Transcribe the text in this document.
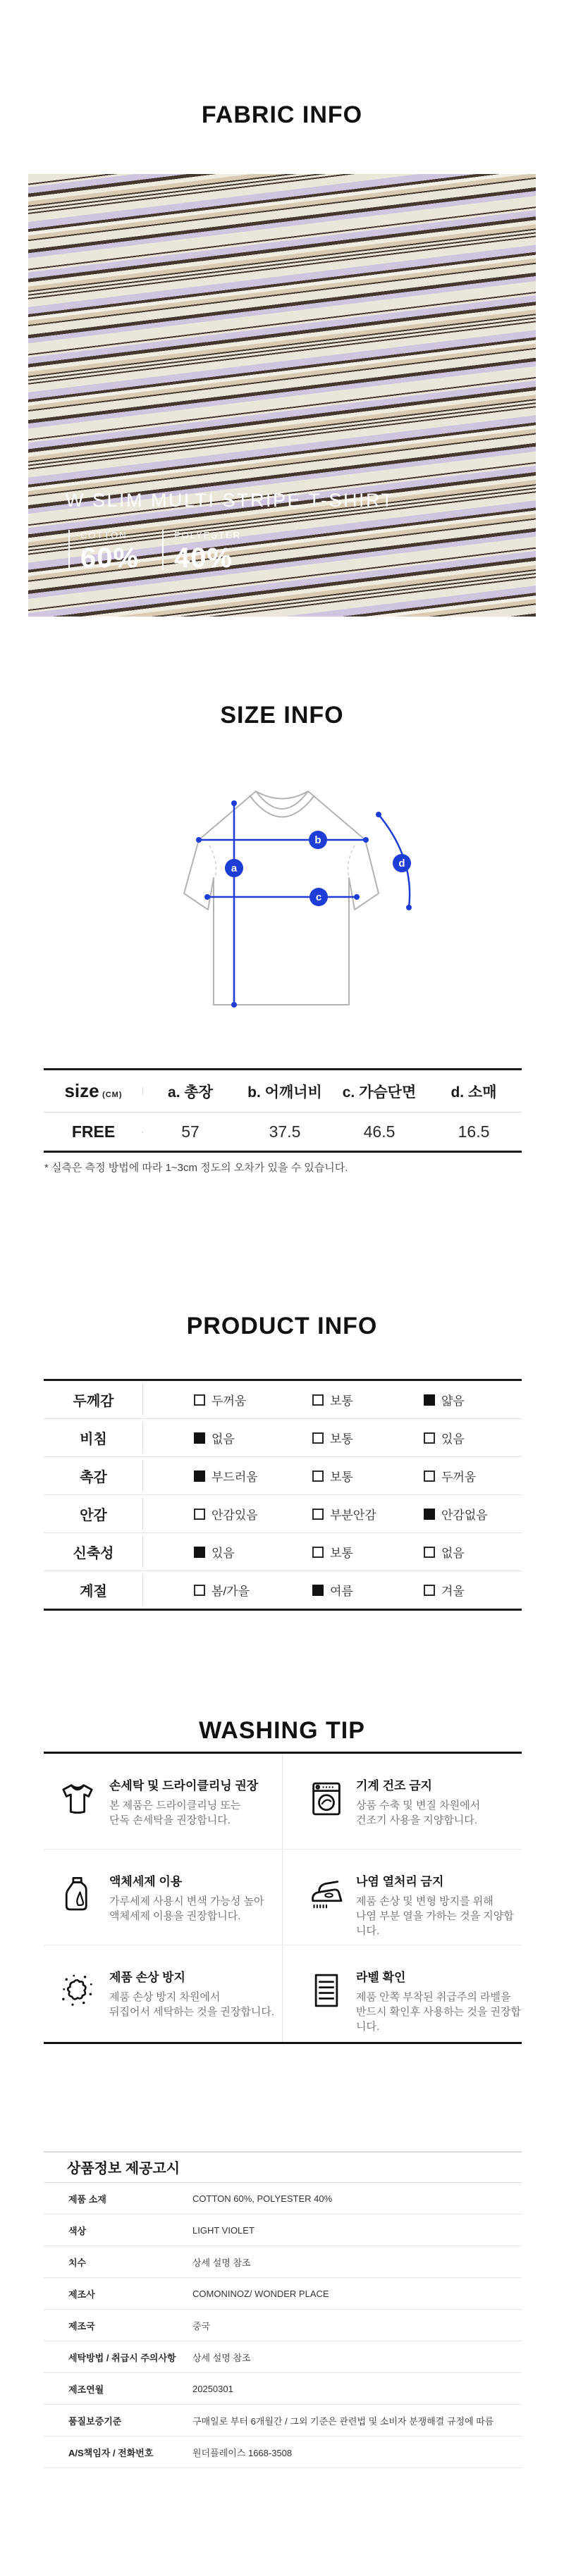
FABRIC INFO
W SLIM MULTI STRIPE T-SHIRT
COTTON
60%
POLYESTER
40%
SIZE INFO
a
b
c
d
size (CM)	a. 총장	b. 어깨너비	c. 가슴단면	d. 소매
FREE	57	37.5	46.5	16.5
* 실측은 측정 방법에 따라 1~3cm 정도의 오차가 있을 수 있습니다.
PRODUCT INFO
두께감	두꺼움	보통	얇음
비침	없음	보통	있음
촉감	부드러움	보통	두꺼움
안감	안감있음	부분안감	안감없음
신축성	있음	보통	없음
계절	봄/가을	여름	겨울
WASHING TIP
손세탁 및 드라이클리닝 권장
본 제품은 드라이클리닝 또는
단독 손세탁을 권장합니다.
기계 건조 금지
상품 수축 및 변질 차원에서
건조기 사용을 지양합니다.
액체세제 이용
가루세제 사용시 변색 가능성 높아
액체세제 이용을 권장합니다.
나염 열처리 금지
제품 손상 및 변형 방지를 위해
나염 부분 열을 가하는 것을 지양합니다.
제품 손상 방지
제품 손상 방지 차원에서
뒤집어서 세탁하는 것을 권장합니다.
라벨 확인
제품 안쪽 부착된 취급주의 라벨을
반드시 확인후 사용하는 것을 권장합니다.
상품정보 제공고시
제품 소재	COTTON 60%, POLYESTER 40%
색상	LIGHT VIOLET
치수	상세 설명 참조
제조사	COMONINOZ/ WONDER PLACE
제조국	중국
세탁방법 / 취급시 주의사항	상세 설명 참조
제조연월	20250301
품질보증기준	구매일로 부터 6개월간 / 그외 기준은 관련법 및 소비자 분쟁해결 규정에 따름
A/S책임자 / 전화번호	원더플레이스 1668-3508
